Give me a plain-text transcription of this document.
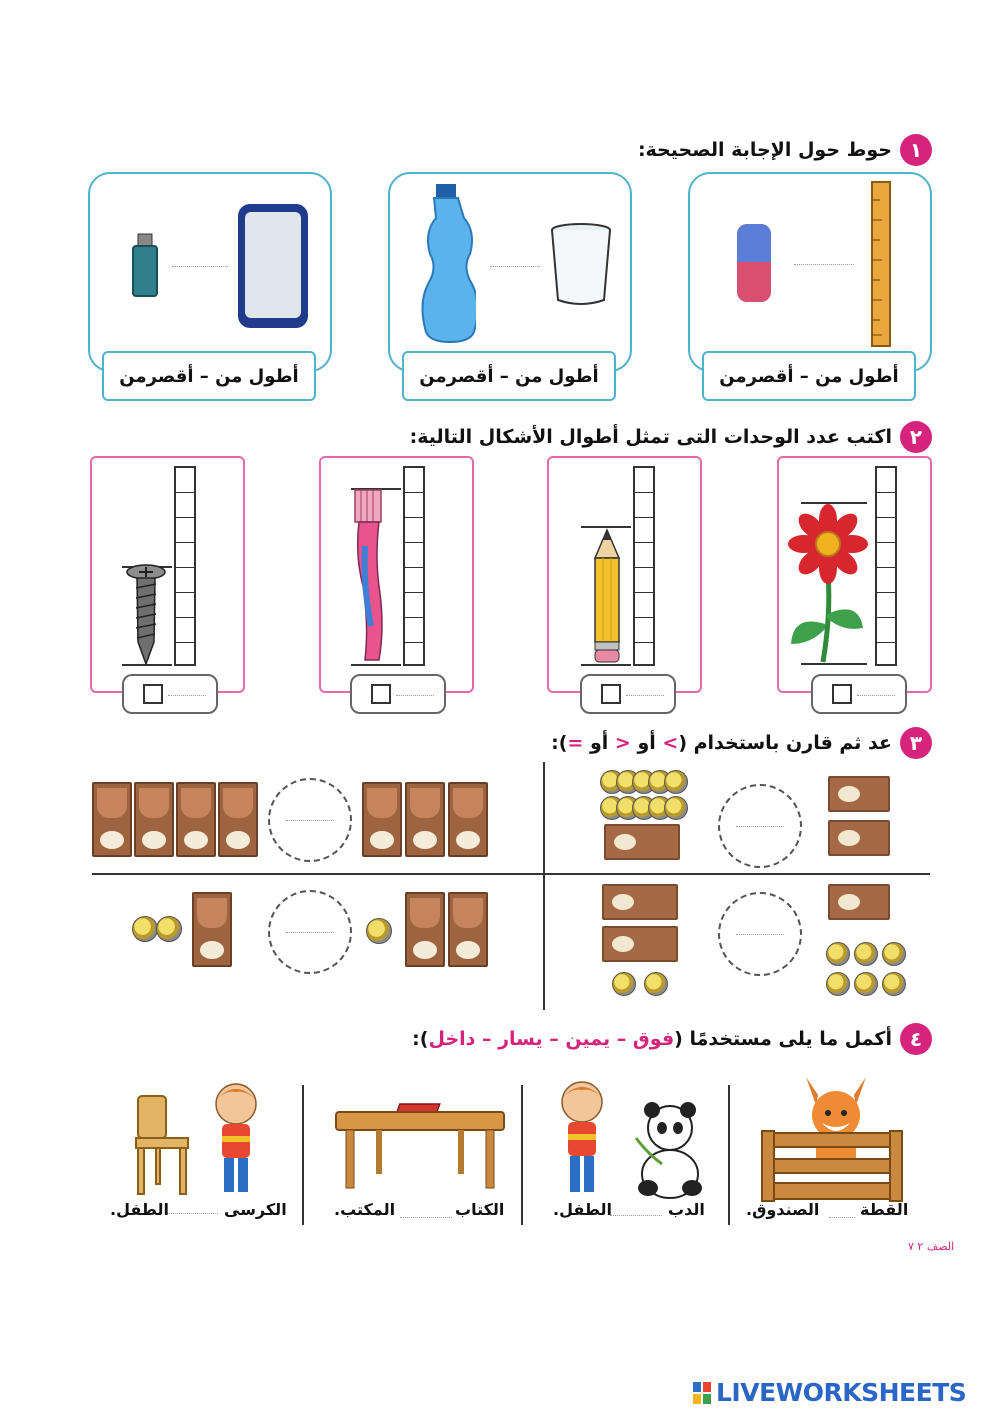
١
حوط حول الإجابة الصحيحة:
أطول من – أقصرمن
أطول من – أقصرمن
أطول من – أقصرمن
٢
اكتب عدد الوحدات التى تمثل أطوال الأشكال التالية:
٣
عد ثم قارن باستخدام (> أو < أو =):
٤
أكمل ما يلى مستخدمًا (فوق – يمين – يسار – داخل):
القطة
الصندوق.
الدب
الطفل.
الكتاب
المكتب.
الكرسى
الطفل.
الصف ٢ ٧
LIVEWORKSHEETS
